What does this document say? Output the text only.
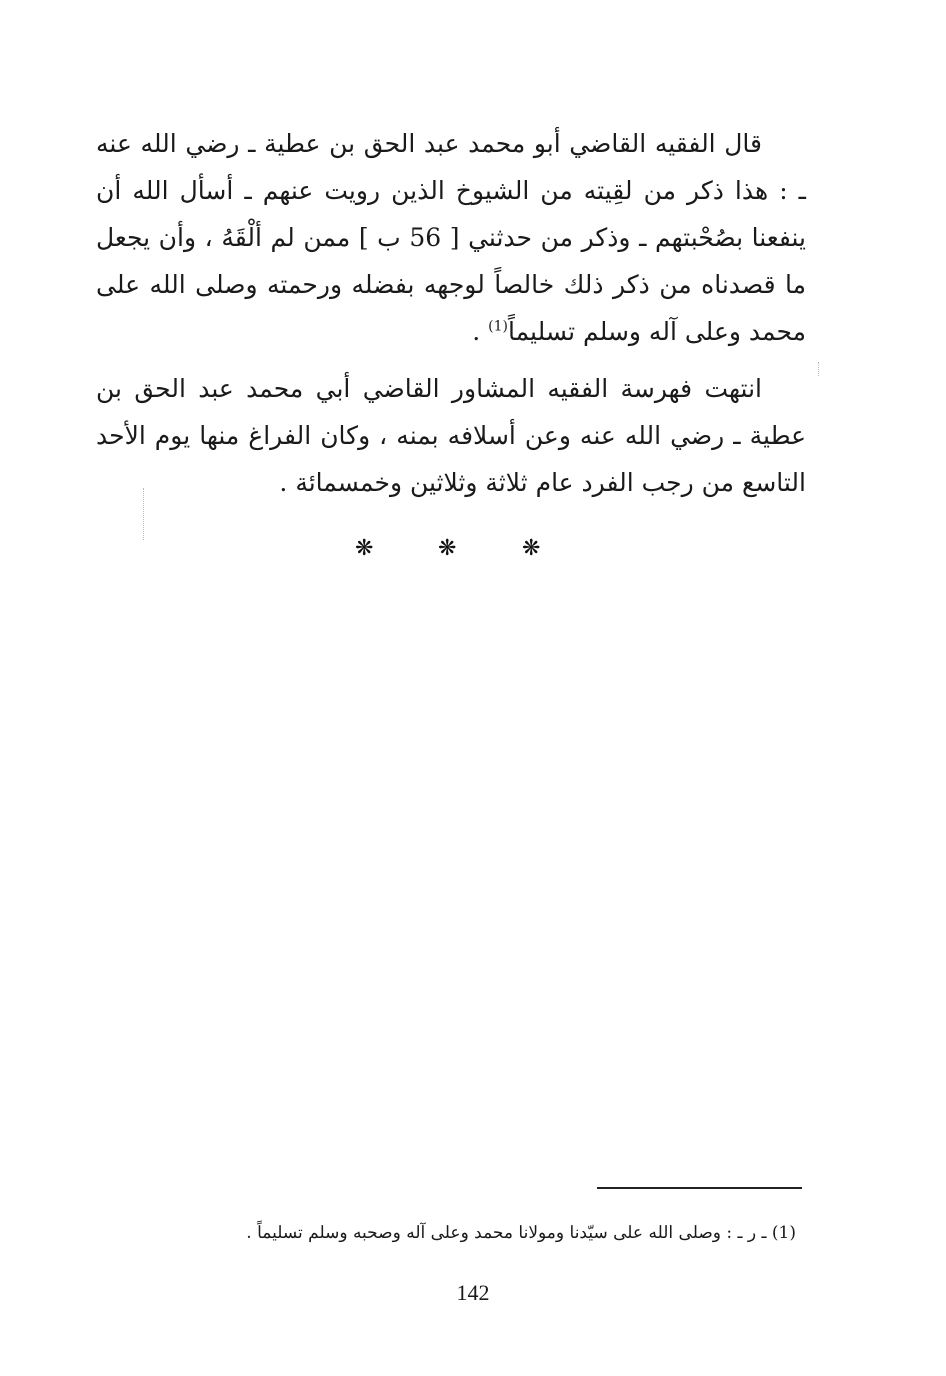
قال الفقيه القاضي أبو محمد عبد الحق بن عطية ـ رضي الله عنه ـ : هذا ذكر من لقِيته من الشيوخ الذين رويت عنهم ـ أسأل الله أن ينفعنا بصُحْبتهم ـ وذكر من حدثني [ 56 ب ] ممن لم ألْقَهُ ، وأن يجعل ما قصدناه من ذكر ذلك خالصاً لوجهه بفضله ورحمته وصلى الله على محمد وعلى آله وسلم تسليماً$^{(1)}$ .

انتهت فهرسة الفقيه المشاور القاضي أبي محمد عبد الحق بن عطية ـ رضي الله عنه وعن أسلافه بمنه ، وكان الفراغ منها يوم الأحد التاسع من رجب الفرد عام ثلاثة وثلاثين وخمسمائة .

❋	❋	❋

(1) ـ ر ـ : وصلى الله على سيّدنا ومولانا محمد وعلى آله وصحبه وسلم تسليماً .

142
